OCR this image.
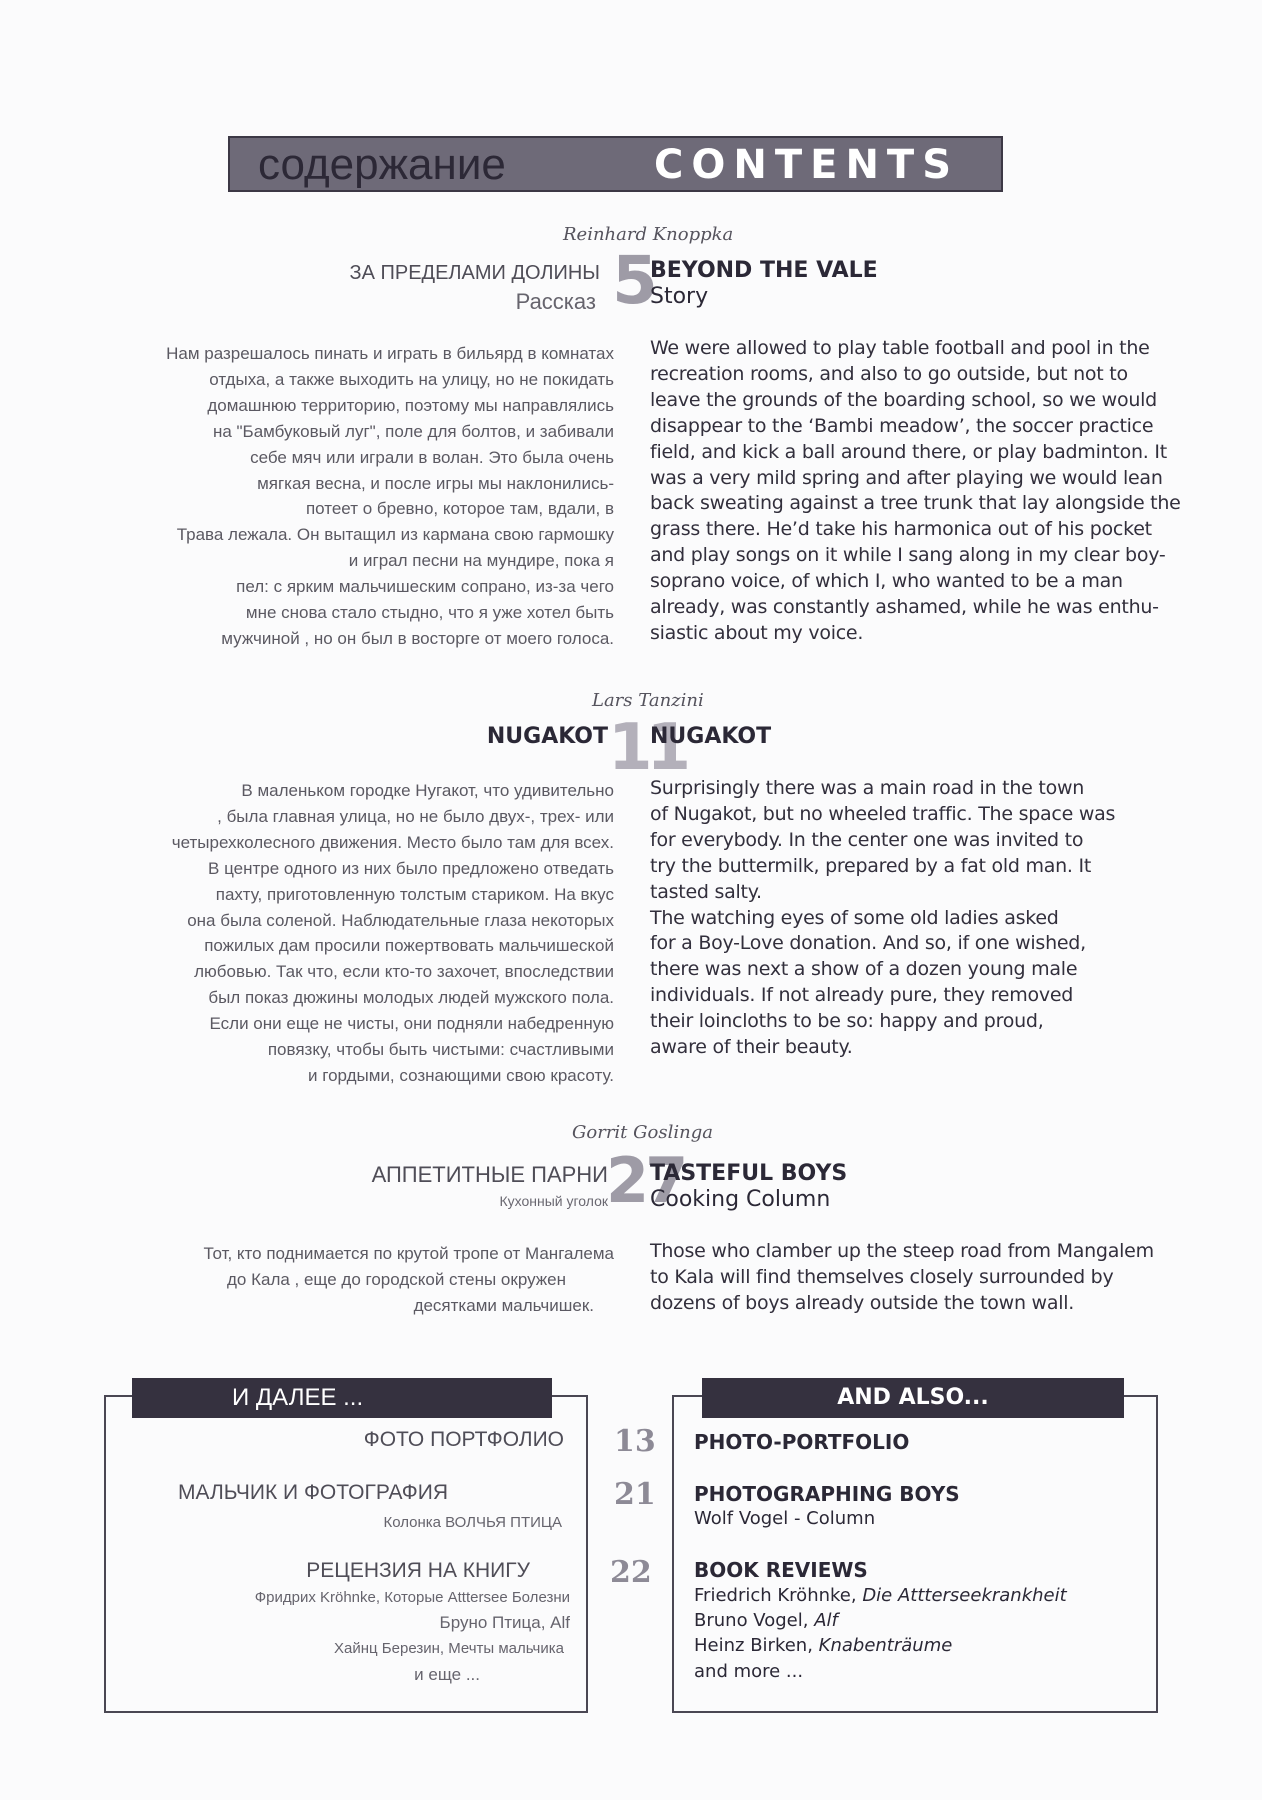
содержание	CONTENTS
Reinhard Knoppka
ЗА ПРЕДЕЛАМИ ДОЛИНЫ
Рассказ 5
BEYOND THE VALE
Story
Нам разрешалось пинать и играть в бильярд в комнатах
отдыха, а также выходить на улицу, но не покидать
домашнюю территорию, поэтому мы направлялись
на "Бамбуковый луг", поле для болтов, и забивали
себе мяч или играли в волан. Это была очень
мягкая весна, и после игры мы наклонились-
потеет о бревно, которое там, вдали, в
Трава лежала. Он вытащил из кармана свою гармошку
и играл песни на мундире, пока я
пел: с ярким мальчишеским сопрано, из-за чего
мне снова стало стыдно, что я уже хотел быть
мужчиной , но он был в восторге от моего голоса.
We were allowed to play table football and pool in the
recreation rooms, and also to go outside, but not to
leave the grounds of the boarding school, so we would
disappear to the ‘Bambi meadow’, the soccer practice
field, and kick a ball around there, or play badminton. It
was a very mild spring and after playing we would lean
back sweating against a tree trunk that lay alongside the
grass there. He’d take his harmonica out of his pocket
and play songs on it while I sang along in my clear boy-
soprano voice, of which I, who wanted to be a man
already, was constantly ashamed, while he was enthu-
siastic about my voice.
Lars Tanzini
11
NUGAKOT NUGAKOT
В маленьком городке Нугакот, что удивительно
, была главная улица, но не было двух-, трех- или
четырехколесного движения. Место было там для всех.
В центре одного из них было предложено отведать
пахту, приготовленную толстым стариком. На вкус
она была соленой. Наблюдательные глаза некоторых
пожилых дам просили пожертвовать мальчишеской
любовью. Так что, если кто-то захочет, впоследствии
был показ дюжины молодых людей мужского пола.
Если они еще не чисты, они подняли набедренную
повязку, чтобы быть чистыми: счастливыми
и гордыми, сознающими свою красоту.
Surprisingly there was a main road in the town
of Nugakot, but no wheeled traffic. The space was
for everybody. In the center one was invited to
try the buttermilk, prepared by a fat old man. It
tasted salty.
The watching eyes of some old ladies asked
for a Boy-Love donation. And so, if one wished,
there was next a show of a dozen young male
individuals. If not already pure, they removed
their loincloths to be so: happy and proud,
aware of their beauty.
Gorrit Goslinga
27
АППЕТИТНЫЕ ПАРНИ
Кухонный уголок
TASTEFUL BOYS
Cooking Column
Тот, кто поднимается по крутой тропе от Мангалема
до Кала , еще до городской стены окружен
десятками мальчишек.
Those who clamber up the steep road from Mangalem
to Kala will find themselves closely surrounded by
dozens of boys already outside the town wall.
И ДАЛЕЕ ...
ФОТО ПОРТФОЛИО
МАЛЬЧИК И ФОТОГРАФИЯ
Колонка ВОЛЧЬЯ ПТИЦА
РЕЦЕНЗИЯ НА КНИГУ
Фридрих Kröhnke, Которые Atttersee Болезни
Бруно Птица, Alf
Хайнц Березин, Мечты мальчика
и еще ...
13
21
22
AND ALSO...
PHOTO-PORTFOLIO
PHOTOGRAPHING BOYS
Wolf Vogel - Column
BOOK REVIEWS
Friedrich Kröhnke, Die Attterseekrankheit
Bruno Vogel, Alf
Heinz Birken, Knabenträume
and more ...
